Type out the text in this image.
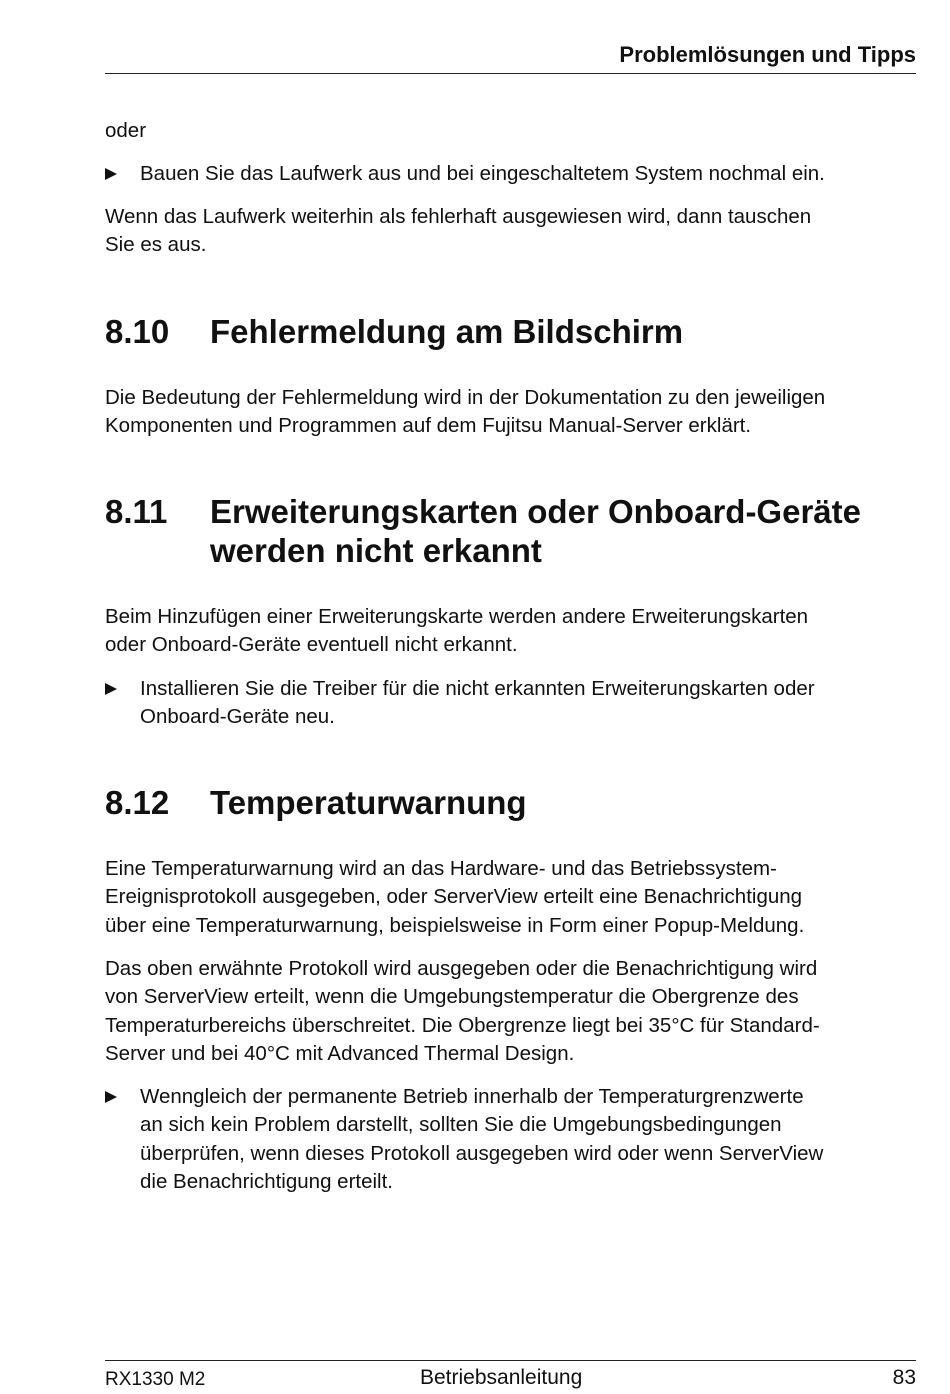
Problemlösungen und Tipps
oder
Bauen Sie das Laufwerk aus und bei eingeschaltetem System nochmal ein.
Wenn das Laufwerk weiterhin als fehlerhaft ausgewiesen wird, dann tauschen
Sie es aus.
8.10 Fehlermeldung am Bildschirm
Die Bedeutung der Fehlermeldung wird in der Dokumentation zu den jeweiligen
Komponenten und Programmen auf dem Fujitsu Manual-Server erklärt.
8.11 Erweiterungskarten oder Onboard-Geräte
werden nicht erkannt
Beim Hinzufügen einer Erweiterungskarte werden andere Erweiterungskarten
oder Onboard-Geräte eventuell nicht erkannt.
Installieren Sie die Treiber für die nicht erkannten Erweiterungskarten oder
Onboard-Geräte neu.
8.12 Temperaturwarnung
Eine Temperaturwarnung wird an das Hardware- und das Betriebssystem-
Ereignisprotokoll ausgegeben, oder ServerView erteilt eine Benachrichtigung
über eine Temperaturwarnung, beispielsweise in Form einer Popup-Meldung.
Das oben erwähnte Protokoll wird ausgegeben oder die Benachrichtigung wird
von ServerView erteilt, wenn die Umgebungstemperatur die Obergrenze des
Temperaturbereichs überschreitet. Die Obergrenze liegt bei 35°C für Standard-
Server und bei 40°C mit Advanced Thermal Design.
Wenngleich der permanente Betrieb innerhalb der Temperaturgrenzwerte
an sich kein Problem darstellt, sollten Sie die Umgebungsbedingungen
überprüfen, wenn dieses Protokoll ausgegeben wird oder wenn ServerView
die Benachrichtigung erteilt.
RX1330 M2	Betriebsanleitung	83
